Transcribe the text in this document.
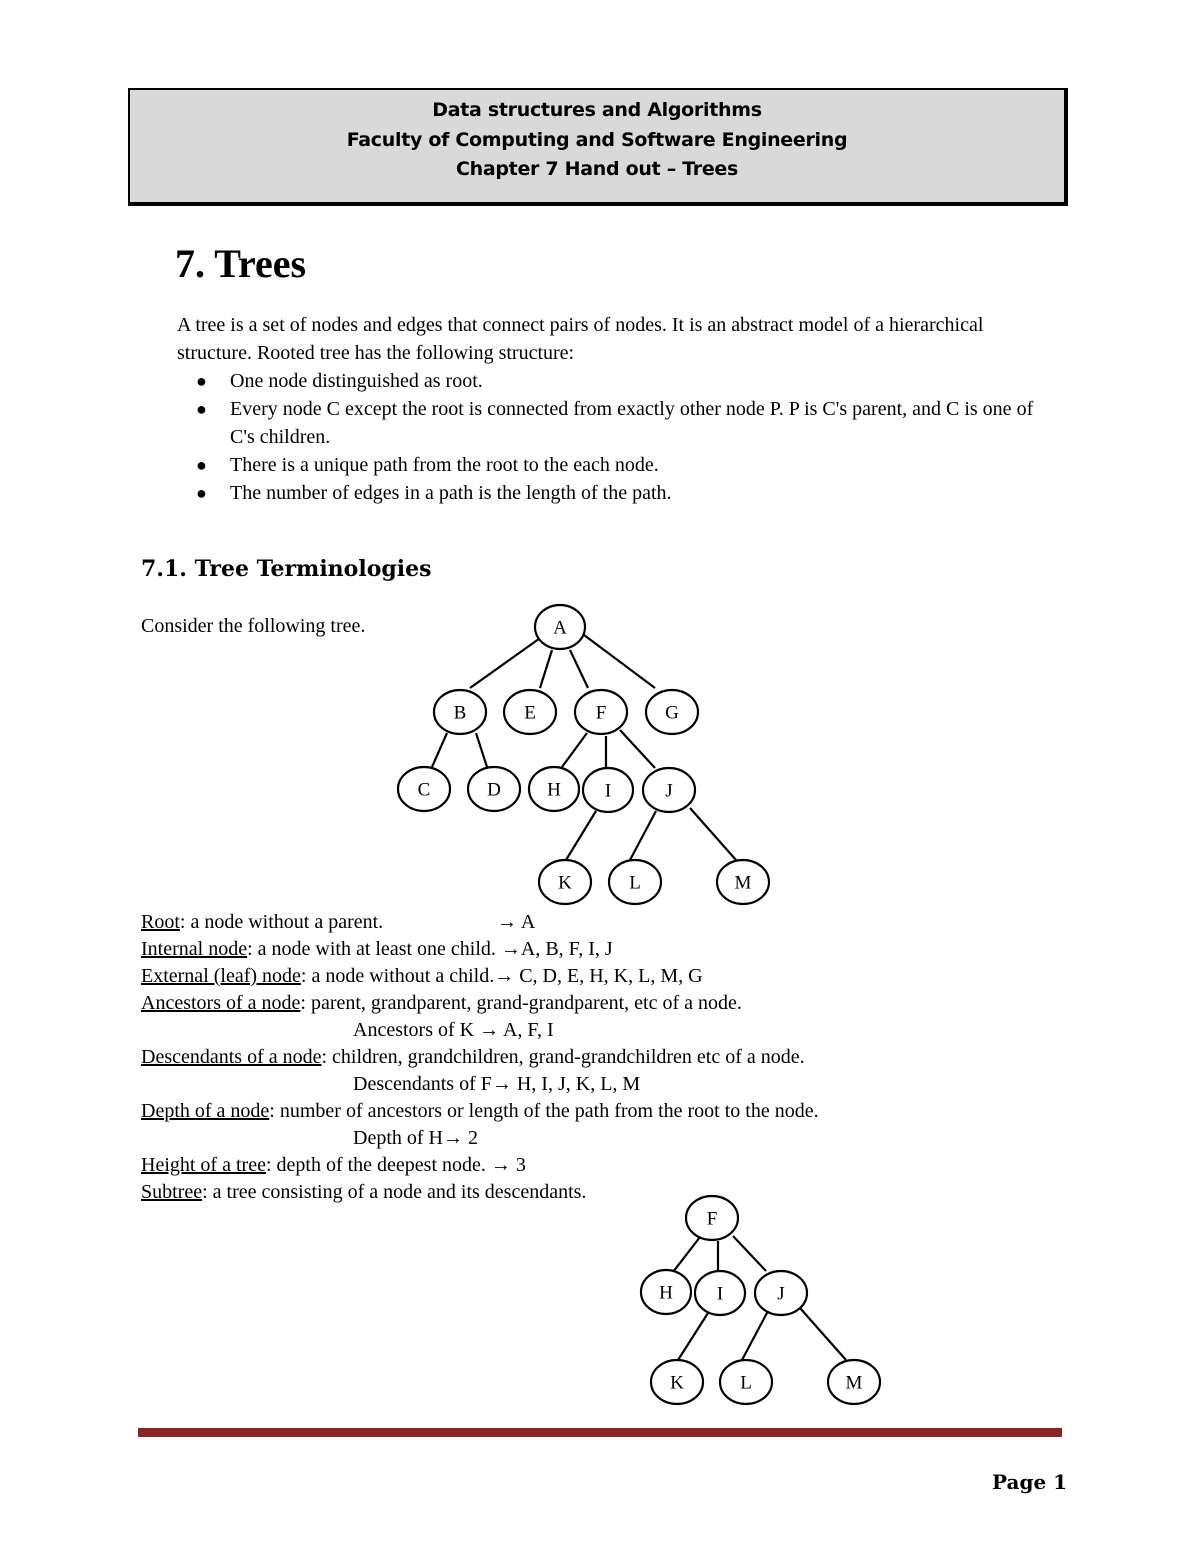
Data structures and Algorithms
Faculty of Computing and Software Engineering
Chapter 7 Hand out – Trees
7. Trees
A tree is a set of nodes and edges that connect pairs of nodes. It is an abstract model of a hierarchical structure. Rooted tree has the following structure:
● One node distinguished as root.
● Every node C except the root is connected from exactly other node P. P is C's parent, and C is one of C's children.
● There is a unique path from the root to the each node.
● The number of edges in a path is the length of the path.
7.1. Tree Terminologies
Consider the following tree.	A
B	E	F	G
C	D H I	J
K	L	M
F
H I	J
K	L	M
Root: a node without a parent.	→ A
Internal node: a node with at least one child. →A, B, F, I, J
External (leaf) node: a node without a child.→ C, D, E, H, K, L, M, G
Ancestors of a node: parent, grandparent, grand-grandparent, etc of a node.
Ancestors of K → A, F, I
Descendants of a node: children, grandchildren, grand-grandchildren etc of a node.
Descendants of F→ H, I, J, K, L, M
Depth of a node: number of ancestors or length of the path from the root to the node.
Depth of H→ 2
Height of a tree: depth of the deepest node. → 3
Subtree: a tree consisting of a node and its descendants.
Page 1
